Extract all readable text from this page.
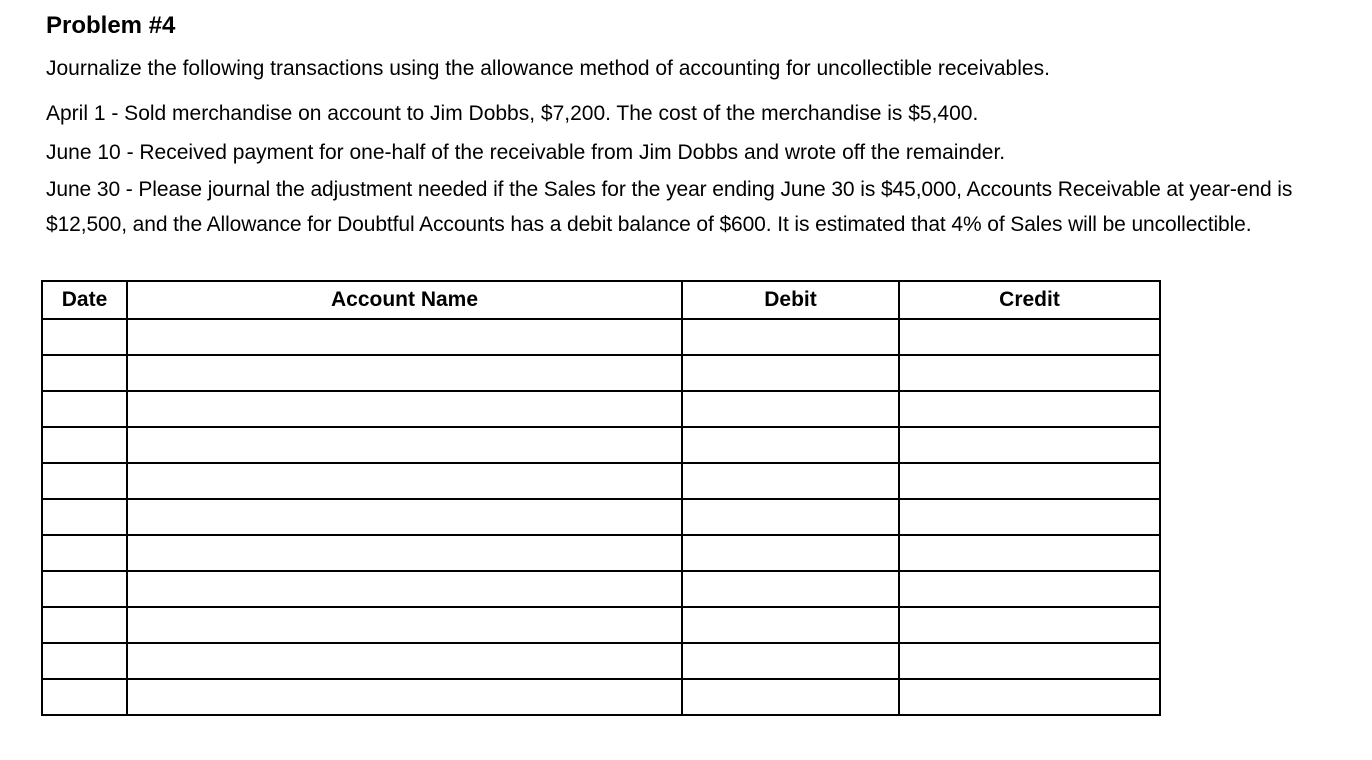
Problem #4
Journalize the following transactions using the allowance method of accounting for uncollectible receivables.
April 1 - Sold merchandise on account to Jim Dobbs, $7,200. The cost of the merchandise is $5,400.
June 10 - Received payment for one-half of the receivable from Jim Dobbs and wrote off the remainder.
June 30 - Please journal the adjustment needed if the Sales for the year ending June 30 is $45,000, Accounts Receivable at year-end is $12,500, and the Allowance for Doubtful Accounts has a debit balance of $600. It is estimated that 4% of Sales will be uncollectible.
Date	Account Name	Debit	Credit
